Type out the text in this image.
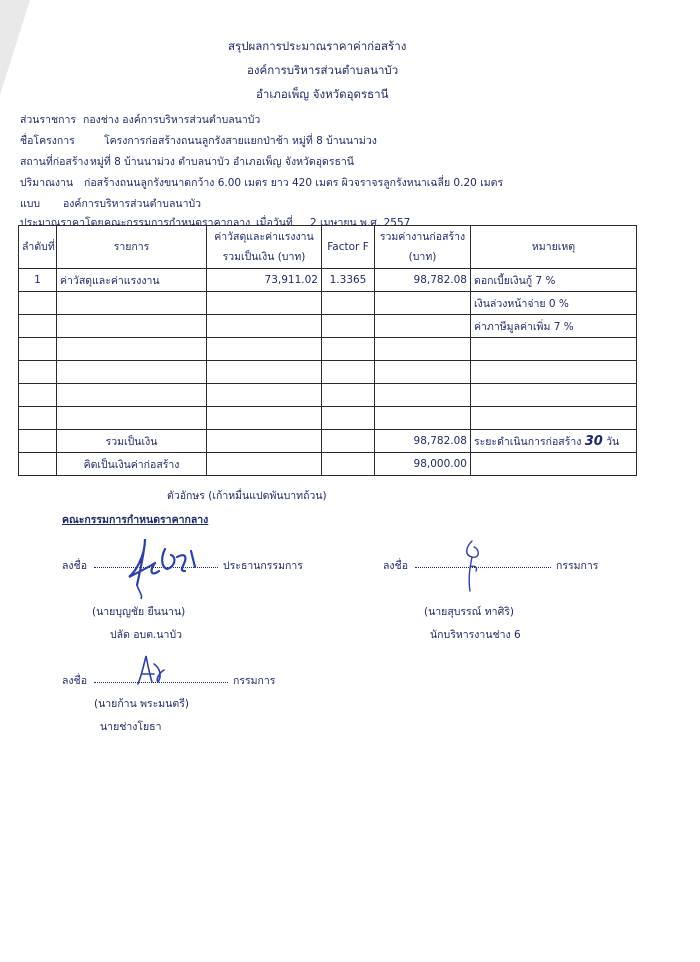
สรุปผลการประมาณราคาค่าก่อสร้าง
องค์การบริหารส่วนตำบลนาบัว
อำเภอเพ็ญ จังหวัดอุดรธานี
ส่วนราชการ กองช่าง องค์การบริหารส่วนตำบลนาบัว
ชื่อโครงการ	โครงการก่อสร้างถนนลูกรังสายแยกป่าช้า หมู่ที่ 8 บ้านนาม่วง
สถานที่ก่อสร้าง หมู่ที่ 8 บ้านนาม่วง ตำบลนาบัว อำเภอเพ็ญ จังหวัดอุดรธานี
ปริมาณงาน ก่อสร้างถนนลูกรังขนาดกว้าง 6.00 เมตร ยาว 420 เมตร ผิวจราจรลูกรังหนาเฉลี่ย 0.20 เมตร
แบบ องค์การบริหารส่วนตำบลนาบัว
ประมาณราคาโดย คณะกรรมการกำหนดราคากลาง เมื่อวันที่ 2 เมษายน พ.ศ. 2557
ลำดับที่	รายการ	ค่าวัสดุและค่าแรงงาน รวมเป็นเงิน (บาท)	Factor F	รวมค่างานก่อสร้าง (บาท)	หมายเหตุ
1	ค่าวัสดุและค่าแรงงาน	73,911.02	1.3365	98,782.08	ดอกเบี้ยเงินกู้ 7 %
					เงินล่วงหน้าจ่าย 0 %
					ค่าภาษีมูลค่าเพิ่ม 7 %

	รวมเป็นเงิน			98,782.08	ระยะดำเนินการก่อสร้าง 30 วัน
	คิดเป็นเงินค่าก่อสร้าง			98,000.00	
ตัวอักษร (เก้าหมื่นแปดพันบาทถ้วน)
คณะกรรมการกำหนดราคากลาง
ลงชื่อ	ประธานกรรมการ
(นายบุญชัย ยืนนาน)
ปลัด อบต.นาบัว
ลงชื่อ	กรรมการ
(นายสุบรรณ์ ทาศิริ)
นักบริหารงานช่าง 6
ลงชื่อ	กรรมการ
(นายก้าน พระมนตรี)
นายช่างโยธา
